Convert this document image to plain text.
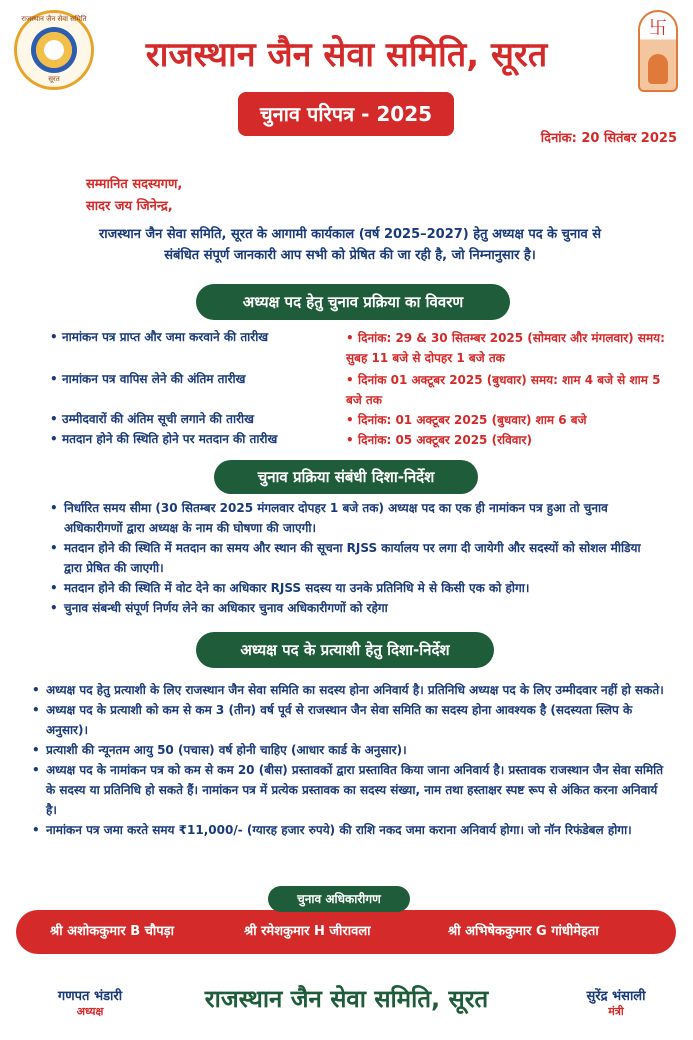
राजस्थान जैन सेवा समिति
सूरत
राजस्थान जैन सेवा समिति, सूरत
卐
चुनाव परिपत्र - 2025
दिनांक: 20 सितंबर 2025
सम्मानित सदस्यगण,
सादर जय जिनेन्द्र,
राजस्थान जैन सेवा समिति, सूरत के आगामी कार्यकाल (वर्ष 2025–2027) हेतु अध्यक्ष पद के चुनाव से संबंधित संपूर्ण जानकारी आप सभी को प्रेषित की जा रही है, जो निम्नानुसार है।
अध्यक्ष पद हेतु चुनाव प्रक्रिया का विवरण
• नामांकन पत्र प्राप्त और जमा करवाने की तारीख	• दिनांक: 29 & 30 सितम्बर 2025 (सोमवार और मंगलवार) समय: सुबह 11 बजे से दोपहर 1 बजे तक
• नामांकन पत्र वापिस लेने की अंतिम तारीख	• दिनांक 01 अक्टूबर 2025 (बुधवार) समय: शाम 4 बजे से शाम 5 बजे तक
• उम्मीदवारों की अंतिम सूची लगाने की तारीख	• दिनांक: 01 अक्टूबर 2025 (बुधवार) शाम 6 बजे
• मतदान होने की स्थिति होने पर मतदान की तारीख	• दिनांक: 05 अक्टूबर 2025 (रविवार)
चुनाव प्रक्रिया संबंधी दिशा-निर्देश
• निर्धारित समय सीमा (30 सितम्बर 2025 मंगलवार दोपहर 1 बजे तक) अध्यक्ष पद का एक ही नामांकन पत्र हुआ तो चुनाव अधिकारीगणों द्वारा अध्यक्ष के नाम की घोषणा की जाएगी।
• मतदान होने की स्थिति में मतदान का समय और स्थान की सूचना RJSS कार्यालय पर लगा दी जायेगी और सदस्यों को सोशल मीडिया द्वारा प्रेषित की जाएगी।
• मतदान होने की स्थिति में वोट देने का अधिकार RJSS सदस्य या उनके प्रतिनिधि मे से किसी एक को होगा।
• चुनाव संबन्धी संपूर्ण निर्णय लेने का अधिकार चुनाव अधिकारीगणों को रहेगा
अध्यक्ष पद के प्रत्याशी हेतु दिशा-निर्देश
• अध्यक्ष पद हेतु प्रत्याशी के लिए राजस्थान जैन सेवा समिति का सदस्य होना अनिवार्य है। प्रतिनिधि अध्यक्ष पद के लिए उम्मीदवार नहीं हो सकते।
• अध्यक्ष पद के प्रत्याशी को कम से कम 3 (तीन) वर्ष पूर्व से राजस्थान जैन सेवा समिति का सदस्य होना आवश्यक है (सदस्यता स्लिप के अनुसार)।
• प्रत्याशी की न्यूनतम आयु 50 (पचास) वर्ष होनी चाहिए (आधार कार्ड के अनुसार)।
• अध्यक्ष पद के नामांकन पत्र को कम से कम 20 (बीस) प्रस्तावकों द्वारा प्रस्तावित किया जाना अनिवार्य है। प्रस्तावक राजस्थान जैन सेवा समिति के सदस्य या प्रतिनिधि हो सकते हैं। नामांकन पत्र में प्रत्येक प्रस्तावक का सदस्य संख्या, नाम तथा हस्ताक्षर स्पष्ट रूप से अंकित करना अनिवार्य है।
• नामांकन पत्र जमा करते समय ₹11,000/- (ग्यारह हजार रुपये) की राशि नकद जमा कराना अनिवार्य होगा। जो नॉन रिफंडेबल होगा।
श्री अशोककुमार B चौपड़ा	श्री रमेशकुमार H जीरावला	श्री अभिषेककुमार G गांधीमेहता
चुनाव अधिकारीगण
गणपत भंडारी
अध्यक्ष	राजस्थान जैन सेवा समिति, सूरत	सुरेंद्र भंसाली
मंत्री
